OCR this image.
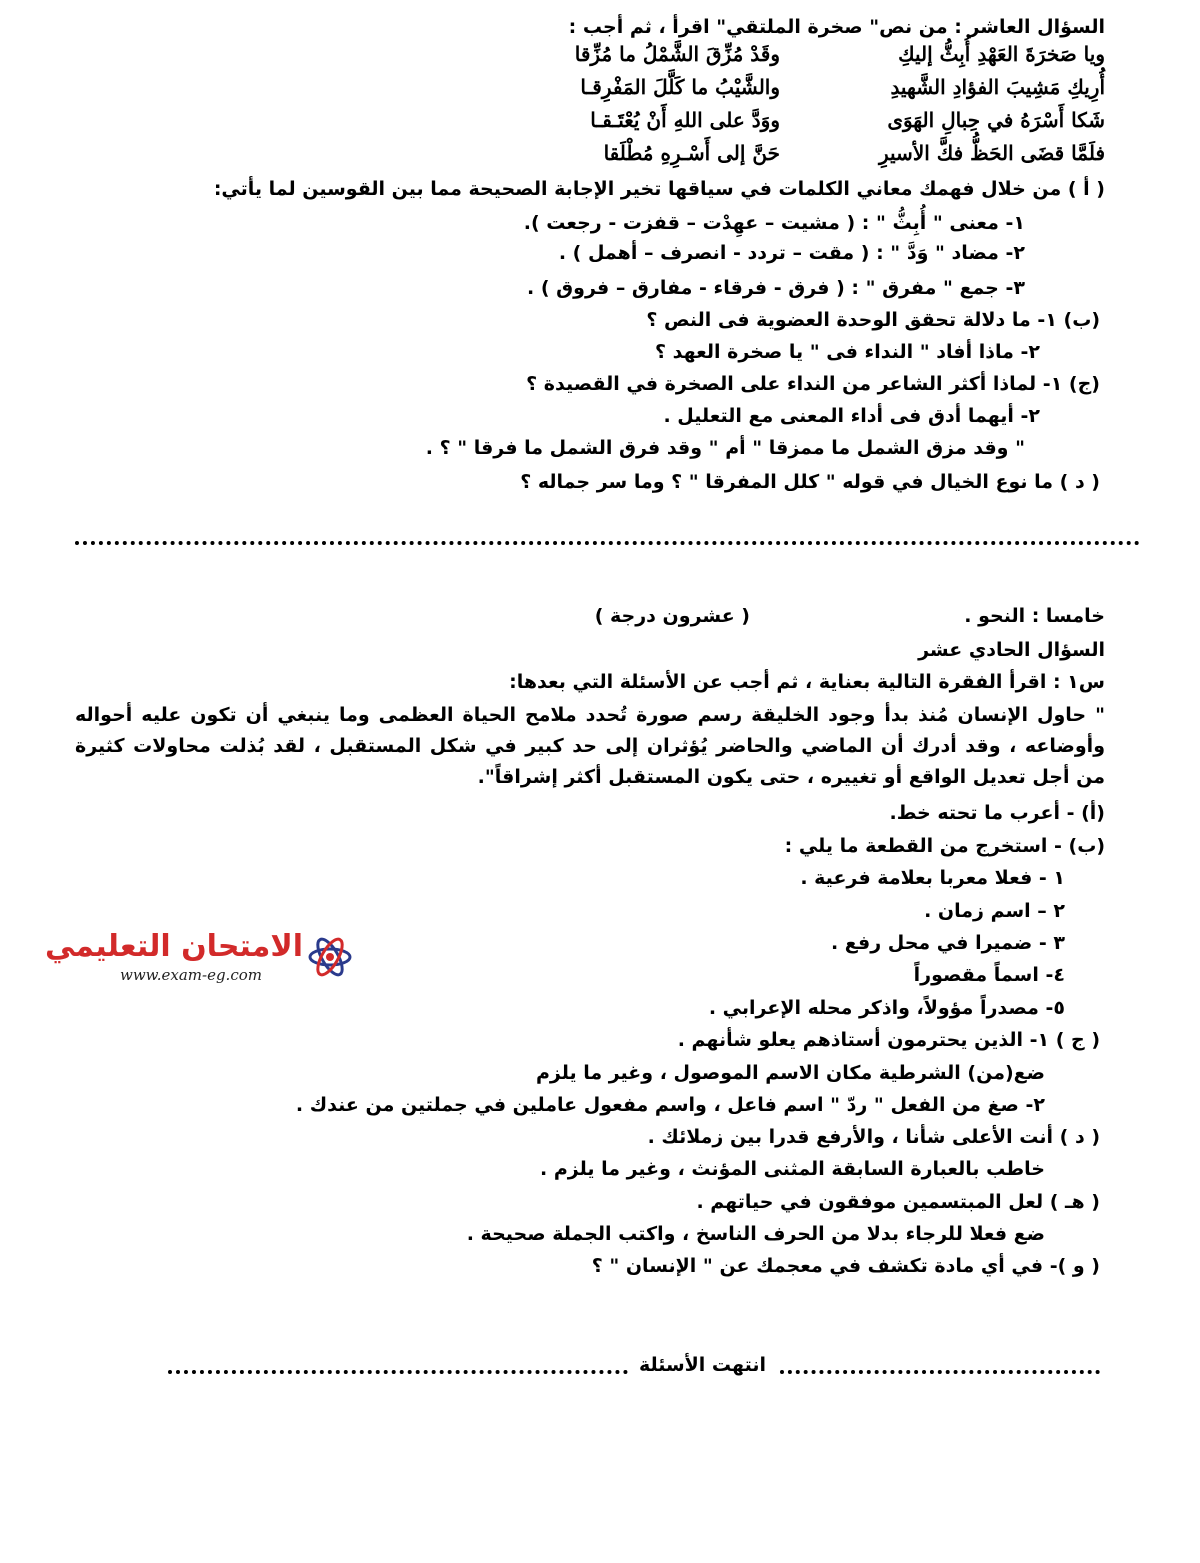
السؤال العاشر : من نص" صخرة الملتقي" اقرأ ، ثم أجب :
ويا صَخرَةَ العَهْدِ أُبِثُّ إليكِ
وقَدْ مُزِّقَ الشَّمْلُ ما مُزِّقا
أُرِيكِ مَشِيبَ الفؤادِ الشَّهيدِ
والشَّيْبُ ما كَلَّلَ المَفْرِقـا
شَكا أَسْرَهُ في حِبالِ الهَوَى
ووَدَّ على اللهِ أَنْ يُعْتَـقـا
فلَمَّا قضَى الحَظُّ فكَّ الأسيرِ
حَنَّ إلى أَسْـرِهِ مُطْلَقا
( أ ) من خلال فهمك معاني الكلمات في سياقها تخير الإجابة الصحيحة مما بين القوسين لما يأتي:
١- معنى " أُبِثُّ " : ( مشيت – عهِدْت – قفزت - رجعت ).
٢- مضاد " وَدَّ " : ( مقت – تردد - انصرف – أهمل ) .
٣- جمع " مفرق " : ( فرق - فرقاء - مفارق – فروق ) .
(ب) ١- ما دلالة تحقق الوحدة العضوية فى النص ؟
٢- ماذا أفاد " النداء فى " يا صخرة العهد ؟
(ج) ١- لماذا أكثر الشاعر من النداء على الصخرة في القصيدة ؟
٢- أيهما أدق فى أداء المعنى مع التعليل .
" وقد مزق الشمل ما ممزقا " أم " وقد فرق الشمل ما فرقا " ؟ .
( د ) ما نوع الخيال في قوله " كلل المفرقا " ؟ وما سر جماله ؟
خامسا : النحو .
( عشرون درجة )
السؤال الحادي عشر
س١ : اقرأ الفقرة التالية بعناية ، ثم أجب عن الأسئلة التي بعدها:
" حاول الإنسان مُنذ بدأ وجود الخليقة رسم صورة تُحدد ملامح الحياة العظمى وما ينبغي أن تكون عليه أحواله وأوضاعه ، وقد أدرك أن الماضي والحاضر يُؤثران إلى حد كبير في شكل المستقبل ، لقد بُذلت محاولات كثيرة من أجل تعديل الواقع أو تغييره ، حتى يكون المستقبل أكثر إشراقاً".
(أ) - أعرب ما تحته خط.
(ب) - استخرج من القطعة ما يلي :
١ - فعلا معربا بعلامة فرعية .
٢ – اسم زمان .
٣ - ضميرا في محل رفع .
٤- اسماً مقصوراً
٥- مصدراً مؤولاً، واذكر محله الإعرابي .
( ج ) ١- الذين يحترمون أستاذهم يعلو شأنهم .
ضع(من) الشرطية مكان الاسم الموصول ، وغير ما يلزم
٢- صغ من الفعل " ردّ " اسم فاعل ، واسم مفعول عاملين في جملتين من عندك .
( د ) أنت الأعلى شأنا ، والأرفع قدرا بين زملائك .
خاطب بالعبارة السابقة المثنى المؤنث ، وغير ما يلزم .
( هـ ) لعل المبتسمين موفقون في حياتهم .
ضع فعلا للرجاء بدلا من الحرف الناسخ ، واكتب الجملة صحيحة .
( و )- في أي مادة تكشف في معجمك عن " الإنسان " ؟
انتهت الأسئلة
الامتحان التعليمي
www.exam-eg.com
